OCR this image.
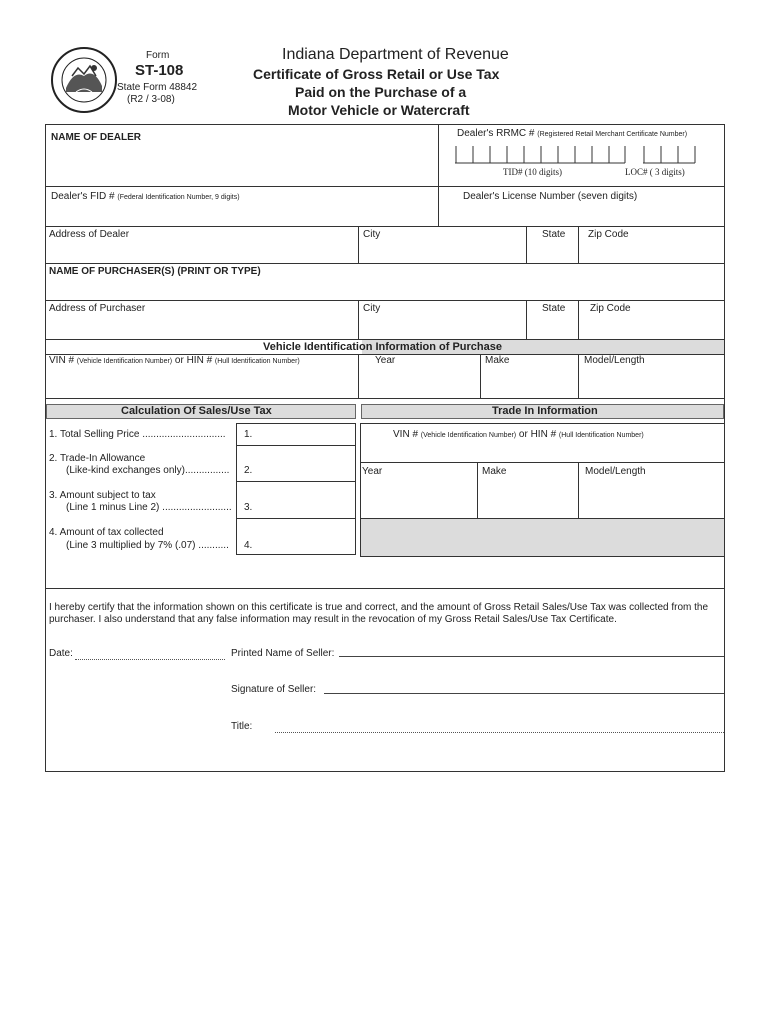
Form
ST-108
State Form 48842
(R2 / 3-08)
Indiana Department of Revenue
Certificate of Gross Retail or Use Tax
Paid on the Purchase of a
Motor Vehicle or Watercraft
NAME OF DEALER	Dealer's RRMC # (Registered Retail Merchant Certificate Number)
TID# (10 digits)	LOC# ( 3 digits)
Dealer's FID # (Federal Identification Number, 9 digits)	Dealer's License Number (seven digits)
Address of Dealer	City	State Zip Code
NAME OF PURCHASER(S) (PRINT OR TYPE)
Address of Purchaser	City	State Zip Code
Vehicle Identification Information of Purchase
VIN # (Vehicle Identification Number) or HIN # (Hull Identification Number)	Year	Make	Model/Length
Calculation Of Sales/Use Tax	Trade In Information
1. Total Selling Price .............................. 1.
2. Trade-In Allowance
(Like-kind exchanges only)................ 2.
3. Amount subject to tax
(Line 1 minus Line 2) ......................... 3.
4. Amount of tax collected
(Line 3 multiplied by 7% (.07) ........... 4.
VIN # (Vehicle Identification Number) or HIN # (Hull Identification Number)
Year	Make	Model/Length
I hereby certify that the information shown on this certificate is true and correct, and the amount of Gross Retail Sales/Use Tax was collected from the
purchaser. I also understand that any false information may result in the revocation of my Gross Retail Sales/Use Tax Certificate.
Date:	Printed Name of Seller:
Signature of Seller:
Title:
